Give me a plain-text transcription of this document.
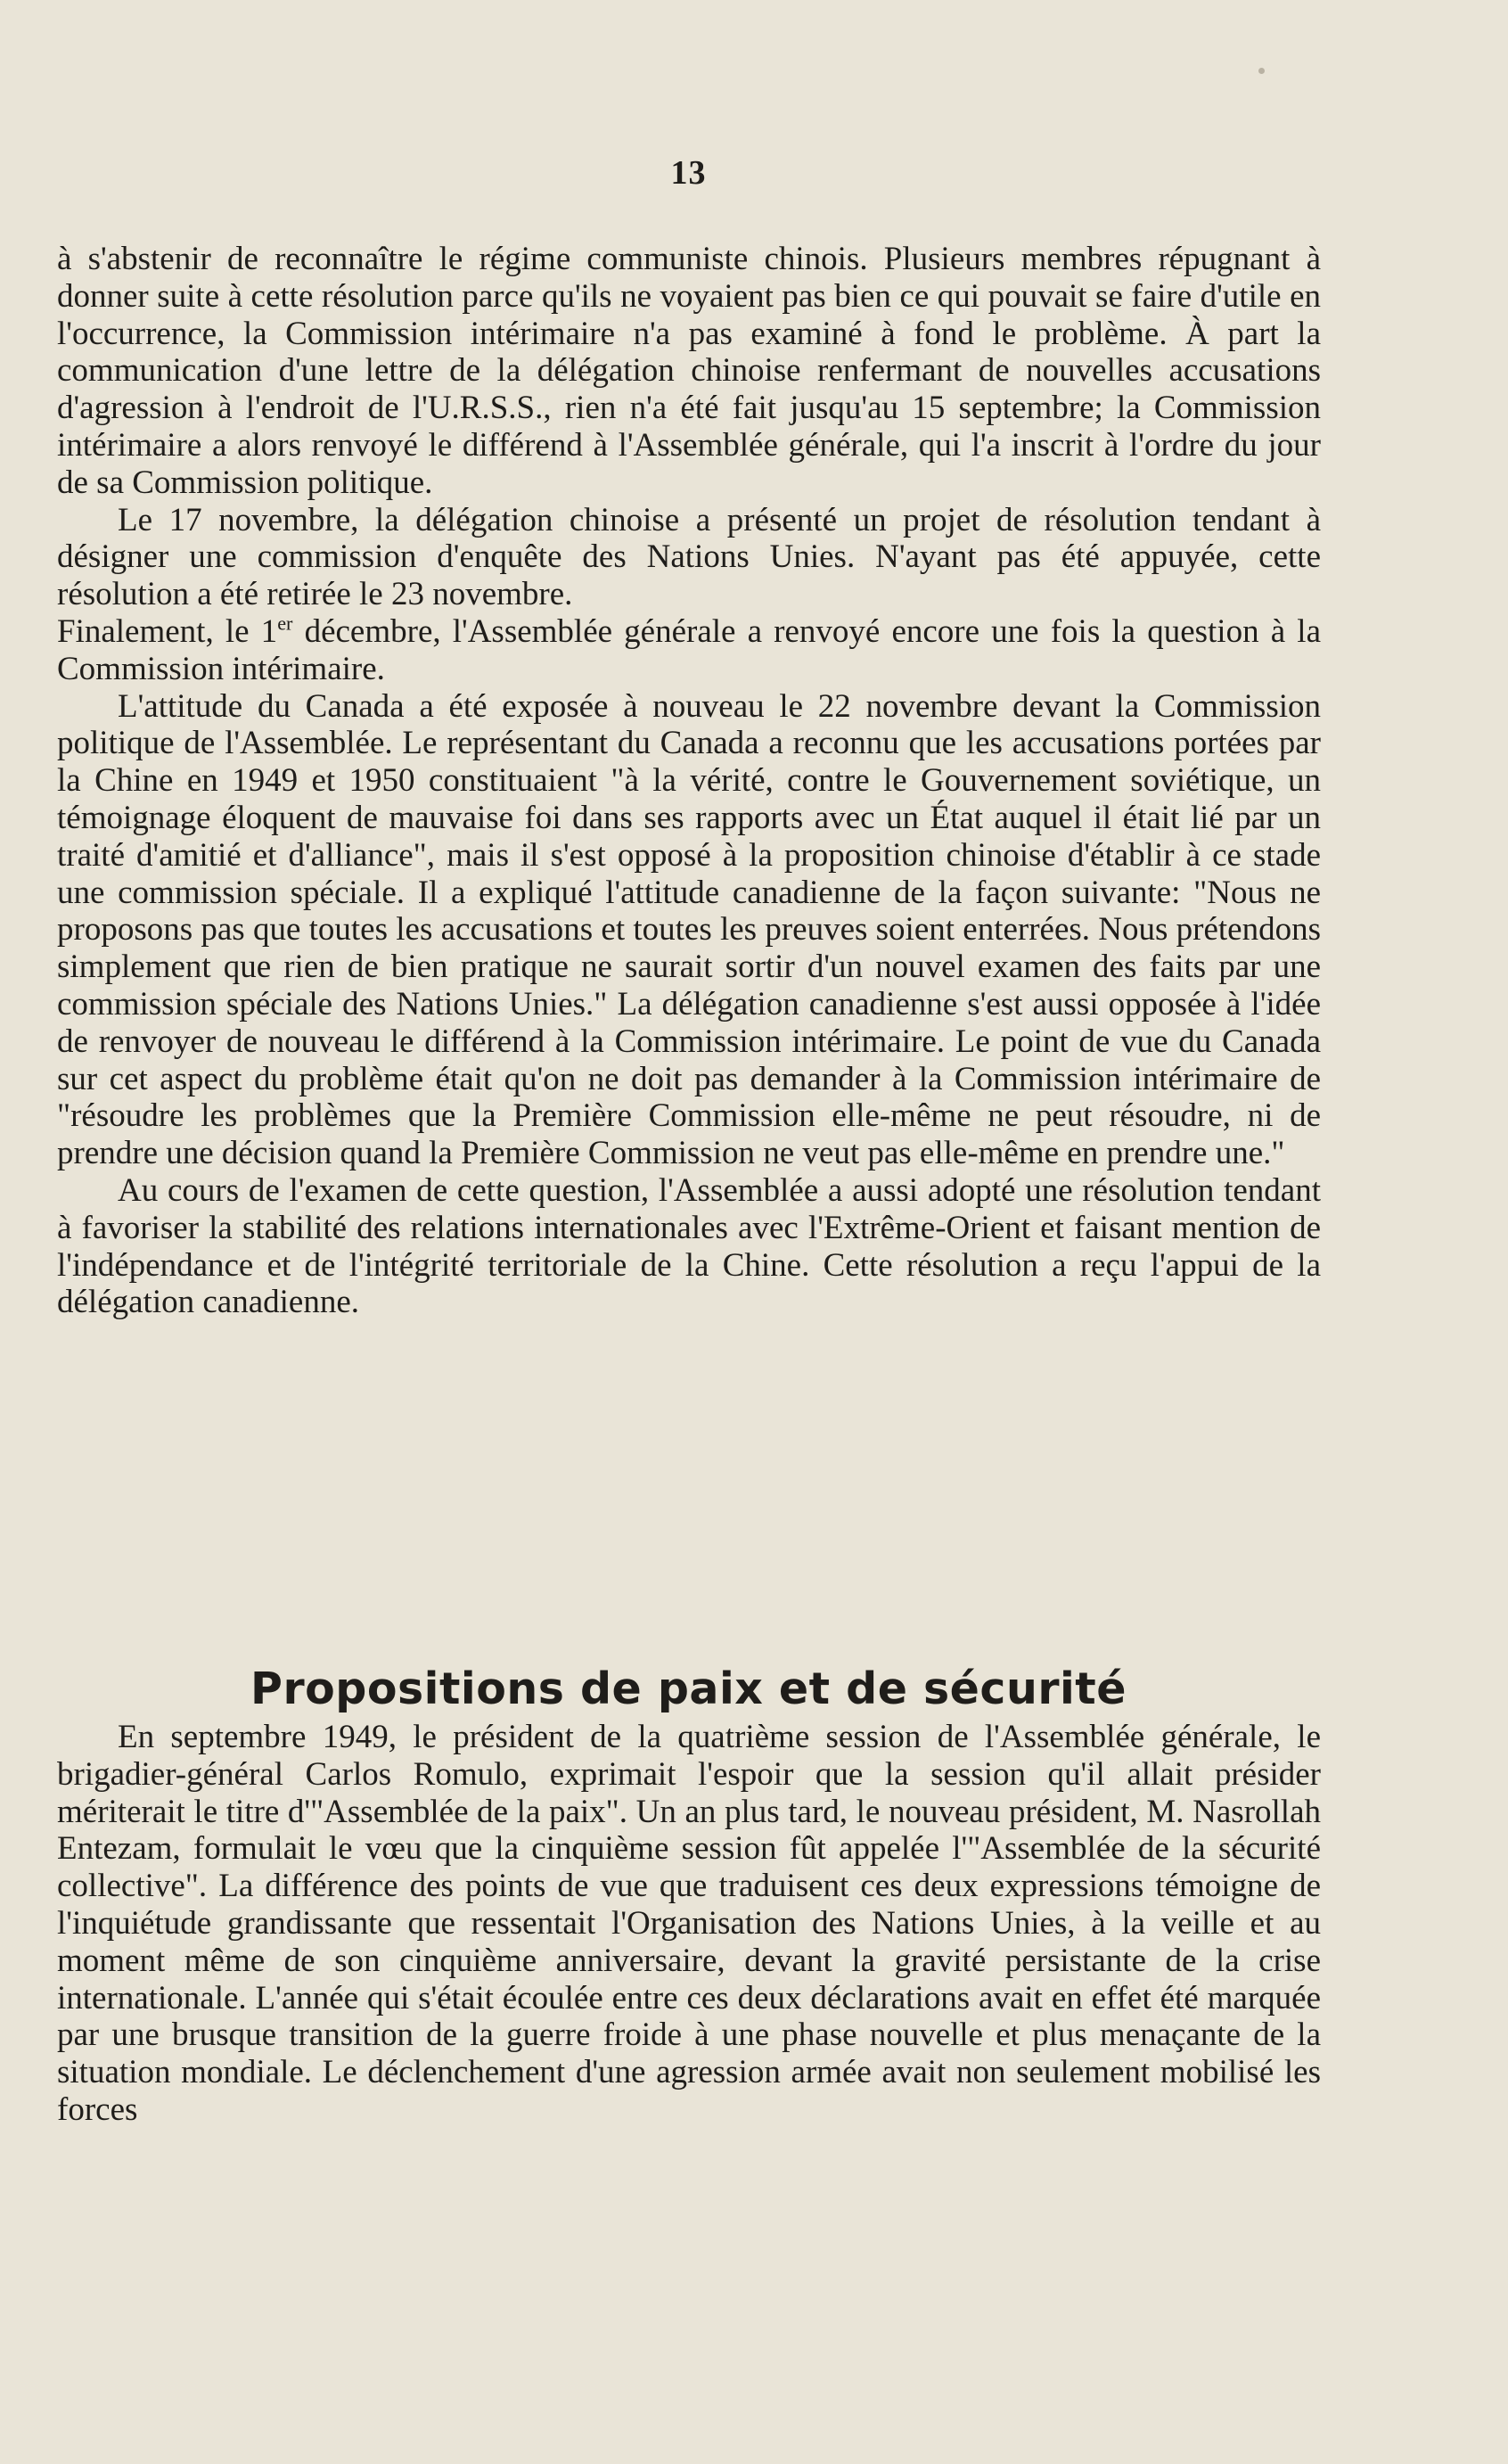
13

à s'abstenir de reconnaître le régime communiste chinois. Plusieurs membres répugnant à donner suite à cette résolution parce qu'ils ne voyaient pas bien ce qui pouvait se faire d'utile en l'occurrence, la Commission intérimaire n'a pas examiné à fond le problème. À part la communication d'une lettre de la délégation chinoise renfermant de nouvelles accusations d'agression à l'endroit de l'U.R.S.S., rien n'a été fait jusqu'au 15 septembre; la Commission intérimaire a alors renvoyé le différend à l'Assemblée générale, qui l'a inscrit à l'ordre du jour de sa Commission politique.

Le 17 novembre, la délégation chinoise a présenté un projet de résolution tendant à désigner une commission d'enquête des Nations Unies. N'ayant pas été appuyée, cette résolution a été retirée le 23 novembre.

Finalement, le 1er décembre, l'Assemblée générale a renvoyé encore une fois la question à la Commission intérimaire.

L'attitude du Canada a été exposée à nouveau le 22 novembre devant la Commission politique de l'Assemblée. Le représentant du Canada a reconnu que les accusations portées par la Chine en 1949 et 1950 constituaient "à la vérité, contre le Gouvernement soviétique, un témoignage éloquent de mauvaise foi dans ses rapports avec un État auquel il était lié par un traité d'amitié et d'alliance", mais il s'est opposé à la proposition chinoise d'établir à ce stade une commission spéciale. Il a expliqué l'attitude canadienne de la façon suivante: "Nous ne proposons pas que toutes les accusations et toutes les preuves soient enterrées. Nous prétendons simplement que rien de bien pratique ne saurait sortir d'un nouvel examen des faits par une commission spéciale des Nations Unies." La délégation canadienne s'est aussi opposée à l'idée de renvoyer de nouveau le différend à la Commission intérimaire. Le point de vue du Canada sur cet aspect du problème était qu'on ne doit pas demander à la Commission intérimaire de "résoudre les problèmes que la Première Commission elle-même ne peut résoudre, ni de prendre une décision quand la Première Commission ne veut pas elle-même en prendre une."

Au cours de l'examen de cette question, l'Assemblée a aussi adopté une résolution tendant à favoriser la stabilité des relations internationales avec l'Extrême-Orient et faisant mention de l'indépendance et de l'intégrité territoriale de la Chine. Cette résolution a reçu l'appui de la délégation canadienne.

Propositions de paix et de sécurité

En septembre 1949, le président de la quatrième session de l'Assemblée générale, le brigadier-général Carlos Romulo, exprimait l'espoir que la session qu'il allait présider mériterait le titre d'"Assemblée de la paix". Un an plus tard, le nouveau président, M. Nasrollah Entezam, formulait le vœu que la cinquième session fût appelée l'"Assemblée de la sécurité collective". La différence des points de vue que traduisent ces deux expressions témoigne de l'inquiétude grandissante que ressentait l'Organisation des Nations Unies, à la veille et au moment même de son cinquième anniversaire, devant la gravité persistante de la crise internationale. L'année qui s'était écoulée entre ces deux déclarations avait en effet été marquée par une brusque transition de la guerre froide à une phase nouvelle et plus menaçante de la situation mondiale. Le déclenchement d'une agression armée avait non seulement mobilisé les forces
